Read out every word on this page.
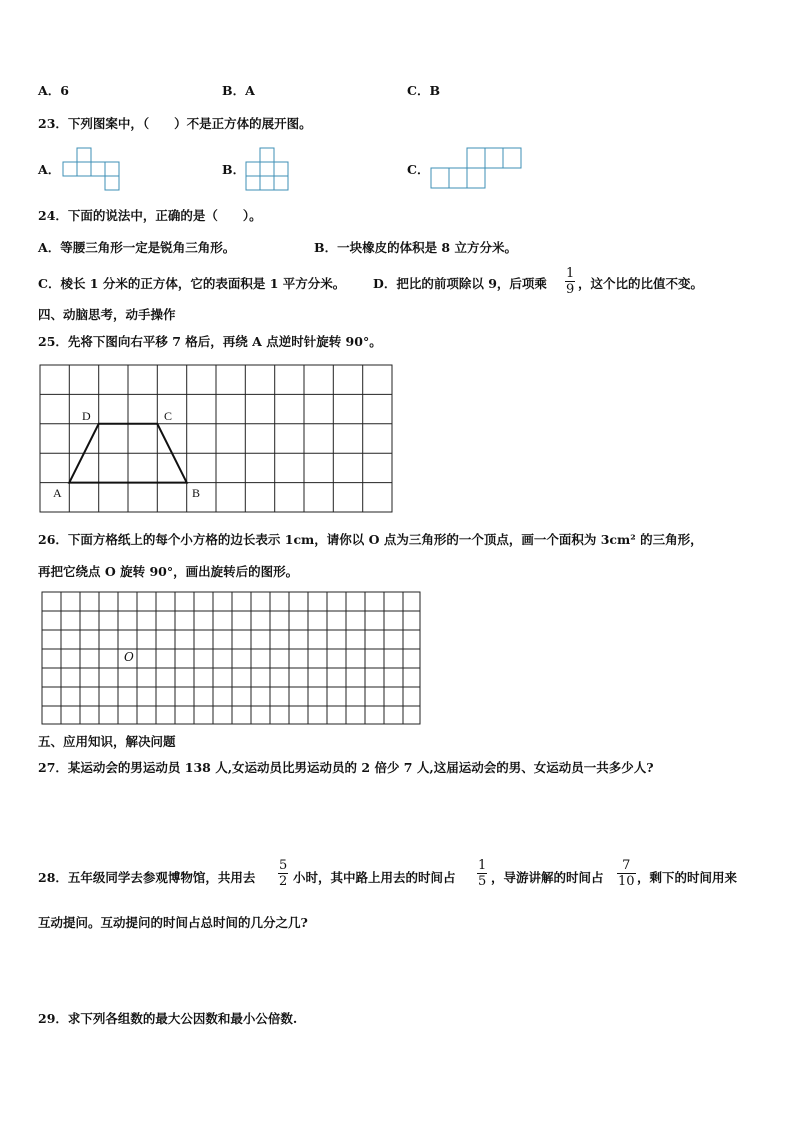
A．6	B．A	C．B
23．下列图案中，（　　）不是正方体的展开图。
A．	B．	C．
24．下面的说法中，正确的是（　　）。
A．等腰三角形一定是锐角三角形。	B．一块橡皮的体积是 8 立方分米。
C．棱长 1 分米的正方体，它的表面积是 1 平方分米。 D．把比的前项除以 9，后项乘
1
9 ，这个比的比值不变。
四、动脑思考，动手操作
25．先将下图向右平移 7 格后，再绕 A 点逆时针旋转 90°。
A	B
C
D
26．下面方格纸上的每个小方格的边长表示 1cm，请你以 O 点为三角形的一个顶点，画一个面积为 3cm² 的三角形，
再把它绕点 O 旋转 90°，画出旋转后的图形。
O
五、应用知识，解决问题
27．某运动会的男运动员 138 人,女运动员比男运动员的 2 倍少 7 人,这届运动会的男、女运动员一共多少人?
28．五年级同学去参观博物馆，共用去
5
2 小时，其中路上用去的时间占
1
5 ，导游讲解的时间占
7
10 ，剩下的时间用来
互动提问。互动提问的时间占总时间的几分之几?
29．求下列各组数的最大公因数和最小公倍数.
